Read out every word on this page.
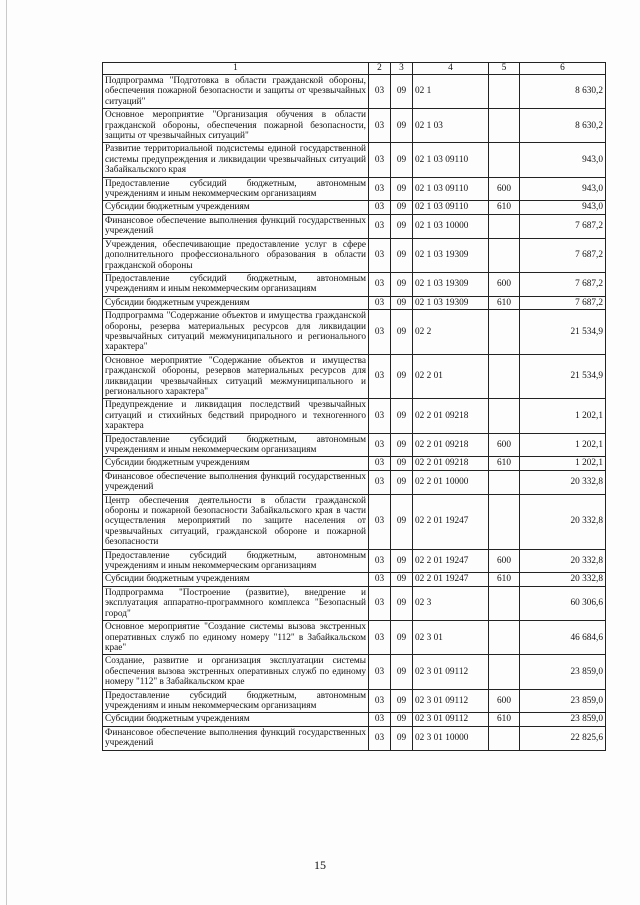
1	2	3	4	5	6
Подпрограмма "Подготовка в области гражданской обороны, обеспечения пожарной безопасности и защиты от чрезвычайных ситуаций"	03	09	02 1		8 630,2
Основное мероприятие "Организация обучения в области гражданской обороны, обеспечения пожарной безопасности, защиты от чрезвычайных ситуаций"	03	09	02 1 03		8 630,2
Развитие территориальной подсистемы единой государственной системы предупреждения и ликвидации чрезвычайных ситуаций Забайкальского края	03	09	02 1 03 09110		943,0
Предоставление субсидий бюджетным, автономным учреждениям и иным некоммерческим организациям	03	09	02 1 03 09110	600	943,0
Субсидии бюджетным учреждениям	03	09	02 1 03 09110	610	943,0
Финансовое обеспечение выполнения функций государственных учреждений	03	09	02 1 03 10000		7 687,2
Учреждения, обеспечивающие предоставление услуг в сфере дополнительного профессионального образования в области гражданской обороны	03	09	02 1 03 19309		7 687,2
Предоставление субсидий бюджетным, автономным учреждениям и иным некоммерческим организациям	03	09	02 1 03 19309	600	7 687,2
Субсидии бюджетным учреждениям	03	09	02 1 03 19309	610	7 687,2
Подпрограмма "Содержание объектов и имущества гражданской обороны, резерва материальных ресурсов для ликвидации чрезвычайных ситуаций межмуниципального и регионального характера"	03	09	02 2		21 534,9
Основное мероприятие "Содержание объектов и имущества гражданской обороны, резервов материальных ресурсов для ликвидации чрезвычайных ситуаций межмуниципального и регионального характера"	03	09	02 2 01		21 534,9
Предупреждение и ликвидация последствий чрезвычайных ситуаций и стихийных бедствий природного и техногенного характера	03	09	02 2 01 09218		1 202,1
Предоставление субсидий бюджетным, автономным учреждениям и иным некоммерческим организациям	03	09	02 2 01 09218	600	1 202,1
Субсидии бюджетным учреждениям	03	09	02 2 01 09218	610	1 202,1
Финансовое обеспечение выполнения функций государственных учреждений	03	09	02 2 01 10000		20 332,8
Центр обеспечения деятельности в области гражданской обороны и пожарной безопасности Забайкальского края в части осуществления мероприятий по защите населения от чрезвычайных ситуаций, гражданской обороне и пожарной безопасности	03	09	02 2 01 19247		20 332,8
Предоставление субсидий бюджетным, автономным учреждениям и иным некоммерческим организациям	03	09	02 2 01 19247	600	20 332,8
Субсидии бюджетным учреждениям	03	09	02 2 01 19247	610	20 332,8
Подпрограмма "Построение (развитие), внедрение и эксплуатация аппаратно-программного комплекса "Безопасный город"	03	09	02 3		60 306,6
Основное мероприятие "Создание системы вызова экстренных оперативных служб по единому номеру "112" в Забайкальском крае"	03	09	02 3 01		46 684,6
Создание, развитие и организация эксплуатации системы обеспечения вызова экстренных оперативных служб по единому номеру "112" в Забайкальском крае	03	09	02 3 01 09112		23 859,0
Предоставление субсидий бюджетным, автономным учреждениям и иным некоммерческим организациям	03	09	02 3 01 09112	600	23 859,0
Субсидии бюджетным учреждениям	03	09	02 3 01 09112	610	23 859,0
Финансовое обеспечение выполнения функций государственных учреждений	03	09	02 3 01 10000		22 825,6
15
